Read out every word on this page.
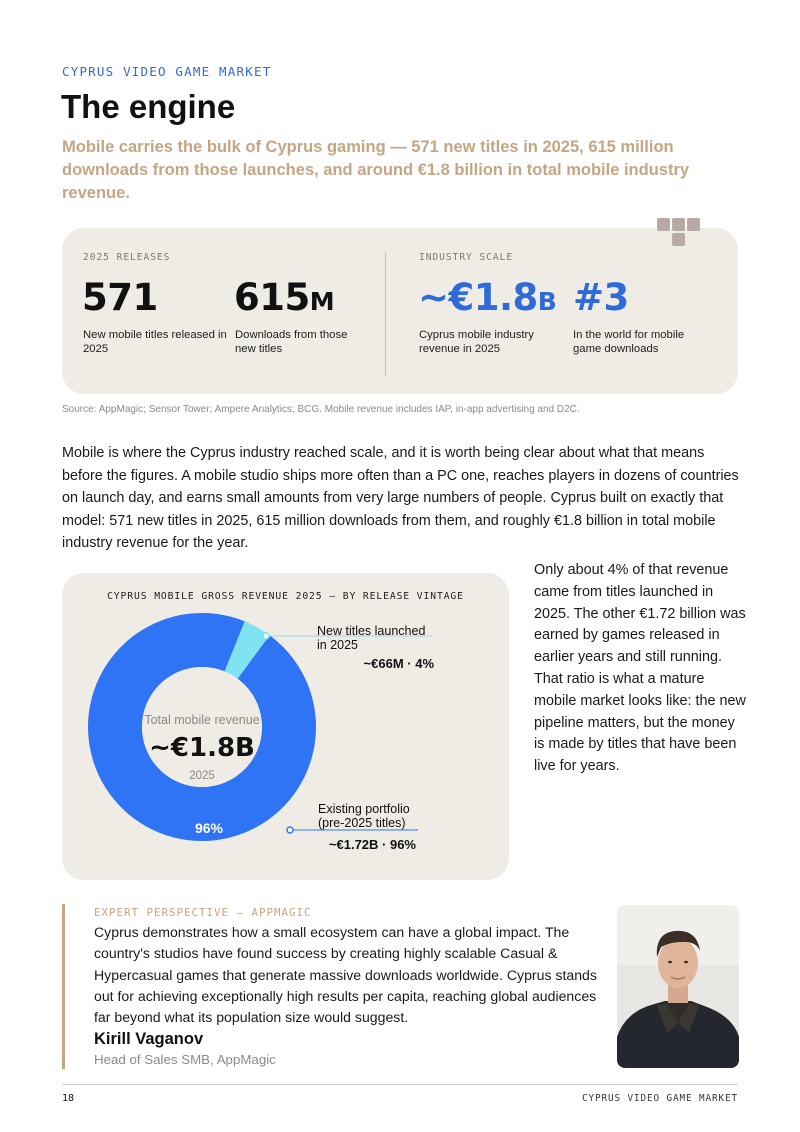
CYPRUS VIDEO GAME MARKET
The engine

Mobile carries the bulk of Cyprus gaming — 571 new titles in 2025, 615 million downloads from those launches, and around €1.8 billion in total mobile industry revenue.

2025 RELEASES	INDUSTRY SCALE
571
New mobile titles released in 2025
615M
Downloads from those new titles
~€1.8B
Cyprus mobile industry revenue in 2025
#3
In the world for mobile game downloads
Source: AppMagic; Sensor Tower; Ampere Analytics; BCG. Mobile revenue includes IAP, in-app advertising and D2C.

Mobile is where the Cyprus industry reached scale, and it is worth being clear about what that means before the figures. A mobile studio ships more often than a PC one, reaches players in dozens of countries on launch day, and earns small amounts from very large numbers of people. Cyprus built on exactly that model: 571 new titles in 2025, 615 million downloads from them, and roughly €1.8 billion in total mobile industry revenue for the year.

CYPRUS MOBILE GROSS REVENUE 2025 — BY RELEASE VINTAGE
Total mobile revenue
~€1.8B
2025
New titles launched
in 2025
~€66M · 4%
Existing portfolio
(pre-2025 titles)
~€1.72B · 96%
96%

Only about 4% of that revenue came from titles launched in 2025. The other €1.72 billion was earned by games released in earlier years and still running. That ratio is what a mature mobile market looks like: the new pipeline matters, but the money is made by titles that have been live for years.

EXPERT PERSPECTIVE — APPMAGIC

Cyprus demonstrates how a small ecosystem can have a global impact. The country's studios have found success by creating highly scalable Casual & Hypercasual games that generate massive downloads worldwide. Cyprus stands out for achieving exceptionally high results per capita, reaching global audiences far beyond what its population size would suggest.

Kirill Vaganov
Head of Sales SMB, AppMagic
18	CYPRUS VIDEO GAME MARKET
